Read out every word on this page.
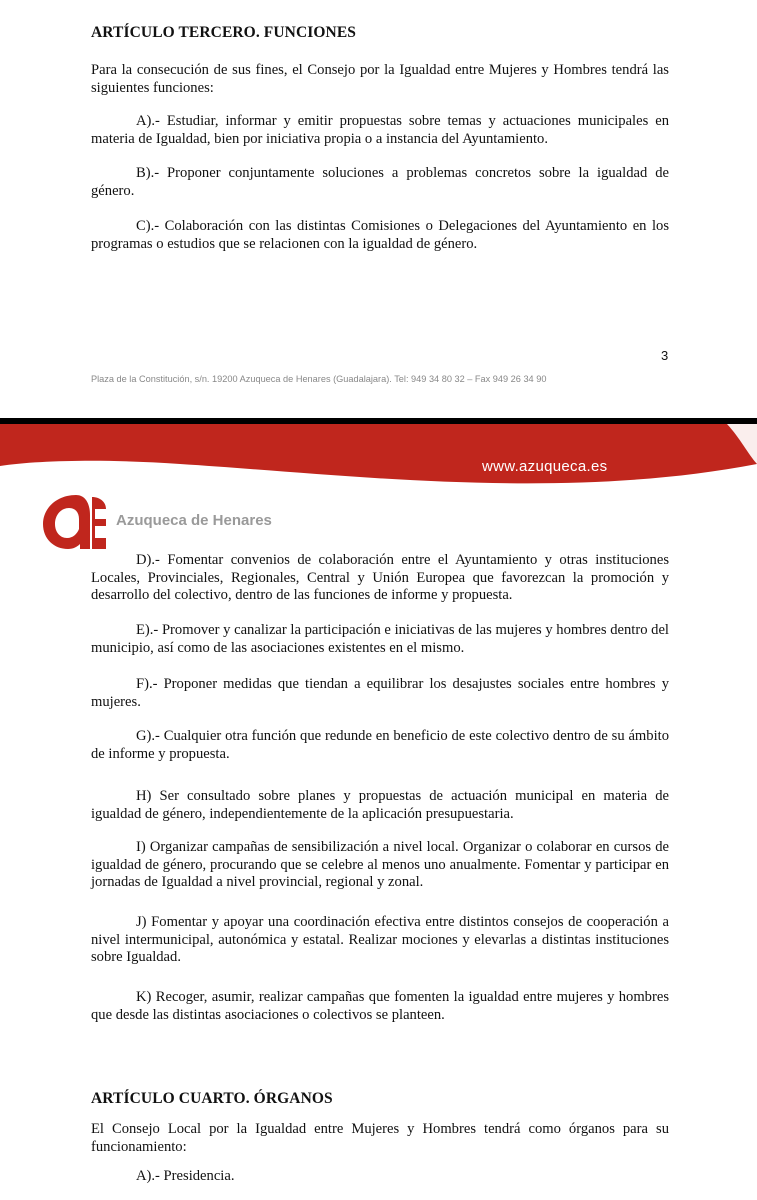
ARTÍCULO TERCERO. FUNCIONES
Para la consecución de sus fines, el Consejo por la Igualdad entre Mujeres y Hombres tendrá las siguientes funciones:
A).- Estudiar, informar y emitir propuestas sobre temas y actuaciones municipales en materia de Igualdad, bien por iniciativa propia o a instancia del Ayuntamiento.
B).- Proponer conjuntamente soluciones a problemas concretos sobre la igualdad de género.
C).- Colaboración con las distintas Comisiones o Delegaciones del Ayuntamiento en los programas o estudios que se relacionen con la igualdad de género.
3
Plaza de la Constitución, s/n. 19200 Azuqueca de Henares (Guadalajara). Tel: 949 34 80 32 – Fax 949 26 34 90
www.azuqueca.es
Azuqueca de Henares
D).- Fomentar convenios de colaboración entre el Ayuntamiento y otras instituciones Locales, Provinciales, Regionales, Central y Unión Europea que favorezcan la promoción y desarrollo del colectivo, dentro de las funciones de informe y propuesta.
E).- Promover y canalizar la participación e iniciativas de las mujeres y hombres dentro del municipio, así como de las asociaciones existentes en el mismo.
F).- Proponer medidas que tiendan a equilibrar los desajustes sociales entre hombres y mujeres.
G).- Cualquier otra función que redunde en beneficio de este colectivo dentro de su ámbito de informe y propuesta.
H) Ser consultado sobre planes y propuestas de actuación municipal en materia de igualdad de género, independientemente de la aplicación presupuestaria.
I) Organizar campañas de sensibilización a nivel local. Organizar o colaborar en cursos de igualdad de género, procurando que se celebre al menos uno anualmente. Fomentar y participar en jornadas de Igualdad a nivel provincial, regional y zonal.
J) Fomentar y apoyar una coordinación efectiva entre distintos consejos de cooperación a nivel intermunicipal, autonómica y estatal. Realizar mociones y elevarlas a distintas instituciones sobre Igualdad.
K) Recoger, asumir, realizar campañas que fomenten la igualdad entre mujeres y hombres que desde las distintas asociaciones o colectivos se planteen.
ARTÍCULO CUARTO. ÓRGANOS
El Consejo Local por la Igualdad entre Mujeres y Hombres tendrá como órganos para su funcionamiento:
A).- Presidencia.
